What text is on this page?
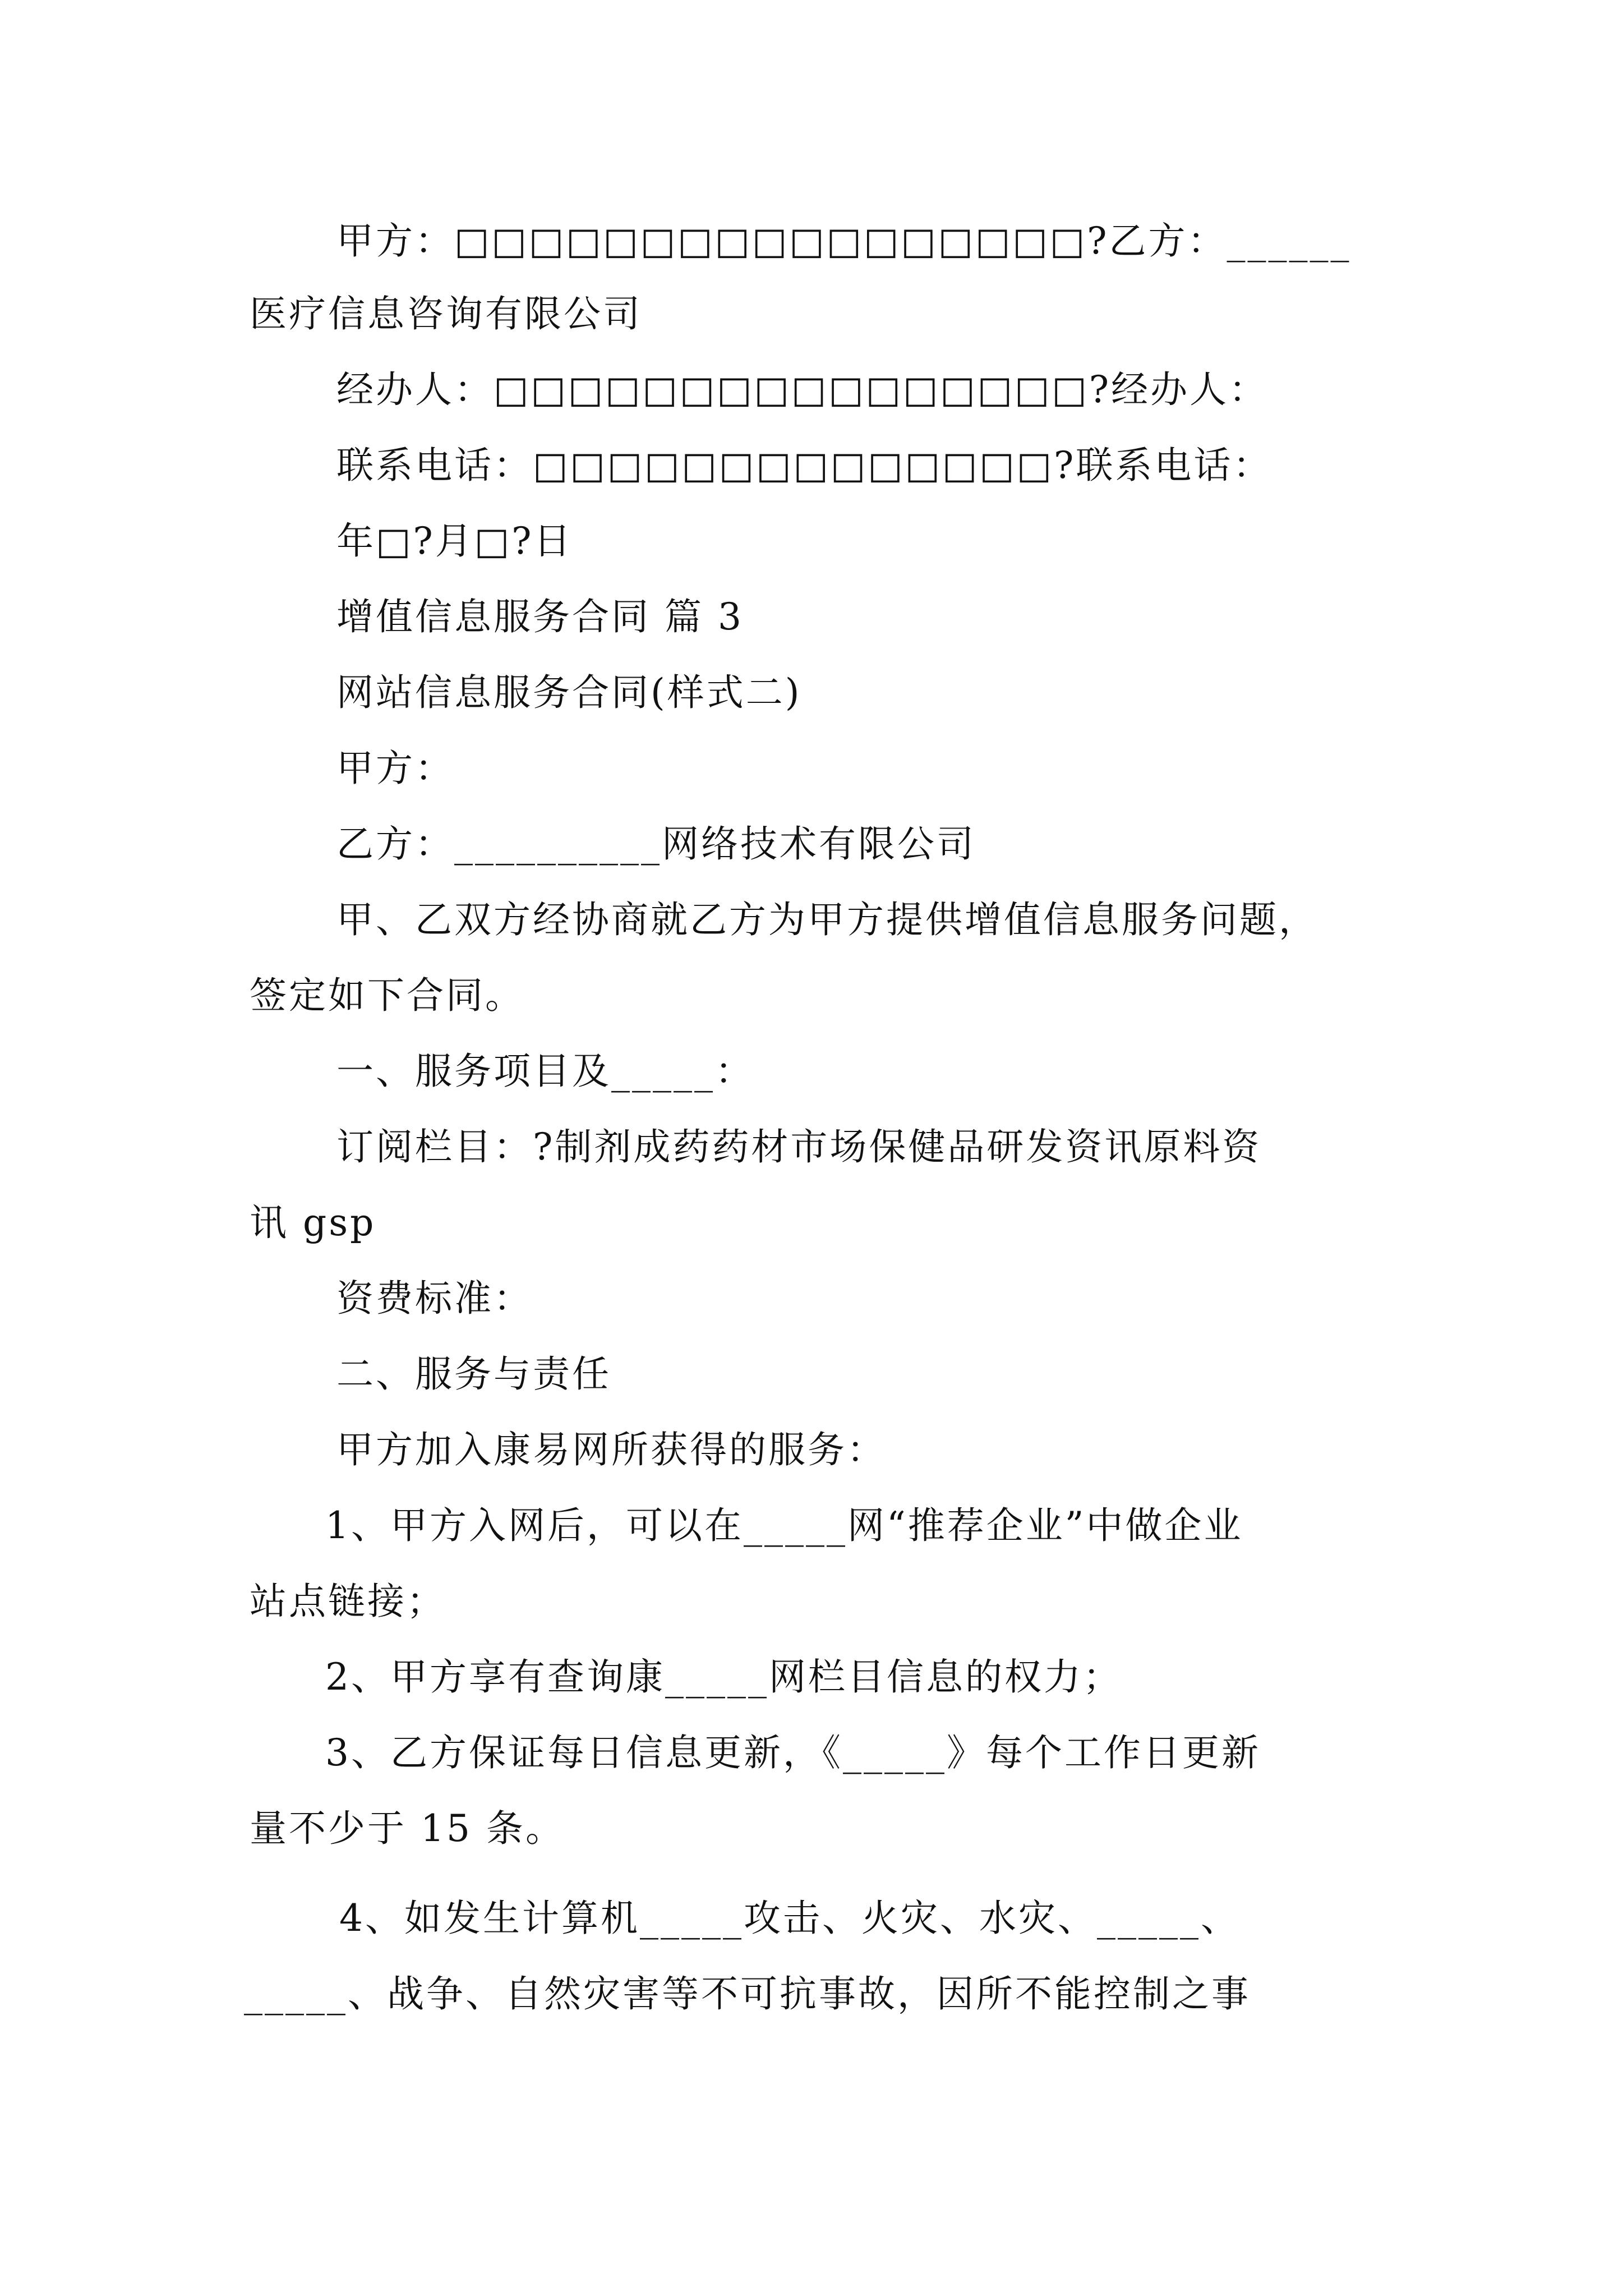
甲方：□□□□□□□□□□□□□□□□□?乙方：______
医疗信息咨询有限公司
经办人：□□□□□□□□□□□□□□□□?经办人：
联系电话：□□□□□□□□□□□□□□?联系电话：
年□?月□?日
增值信息服务合同 篇 3
网站信息服务合同(样式二)
甲方：
乙方：__________网络技术有限公司
甲、乙双方经协商就乙方为甲方提供增值信息服务问题，
签定如下合同。
一、服务项目及_____：
订阅栏目：?制剂成药药材市场保健品研发资讯原料资
讯 gsp
资费标准：
二、服务与责任
甲方加入康易网所获得的服务：
1、甲方入网后，可以在_____网“推荐企业”中做企业
站点链接；
2、甲方享有查询康_____网栏目信息的权力；
3、乙方保证每日信息更新，《_____》每个工作日更新
量不少于 15 条。
4、如发生计算机_____攻击、火灾、水灾、_____、
_____、战争、自然灾害等不可抗事故，因所不能控制之事
